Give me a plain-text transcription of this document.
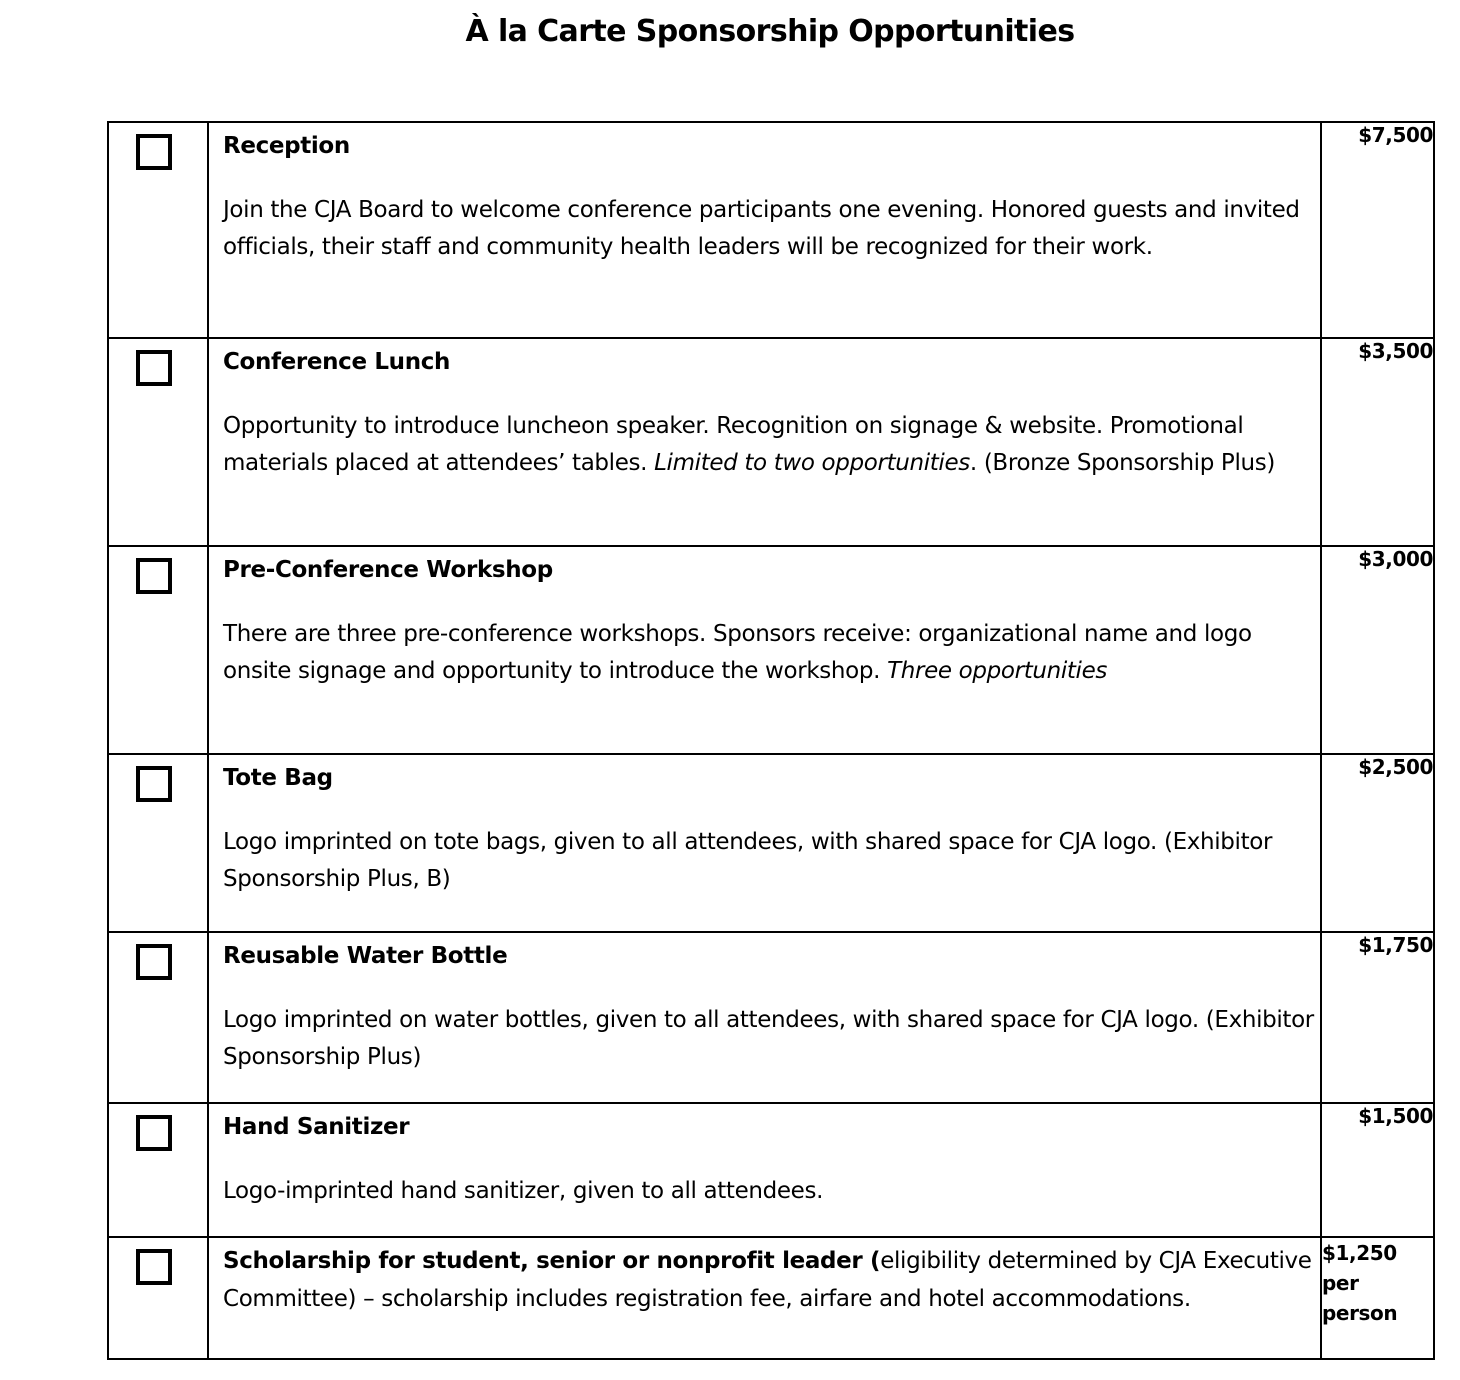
À la Carte Sponsorship Opportunities

	Reception
Join the CJA Board to welcome conference participants one evening. Honored guests and invited officials, their staff and community health leaders will be recognized for their work.	$7,500

	Conference Lunch
Opportunity to introduce luncheon speaker. Recognition on signage & website. Promotional materials placed at attendees’ tables. Limited to two opportunities. (Bronze Sponsorship Plus)	$3,500

	Pre-Conference Workshop
There are three pre-conference workshops. Sponsors receive: organizational name and logo onsite signage and opportunity to introduce the workshop. Three opportunities	$3,000

	Tote Bag
Logo imprinted on tote bags, given to all attendees, with shared space for CJA logo. (Exhibitor Sponsorship Plus, B)	$2,500

	Reusable Water Bottle
Logo imprinted on water bottles, given to all attendees, with shared space for CJA logo. (Exhibitor Sponsorship Plus)	$1,750

	Hand Sanitizer
Logo-imprinted hand sanitizer, given to all attendees.	$1,500

	Scholarship for student, senior or nonprofit leader (eligibility determined by CJA Executive Committee) – scholarship includes registration fee, airfare and hotel accommodations.	$1,250
per
person
